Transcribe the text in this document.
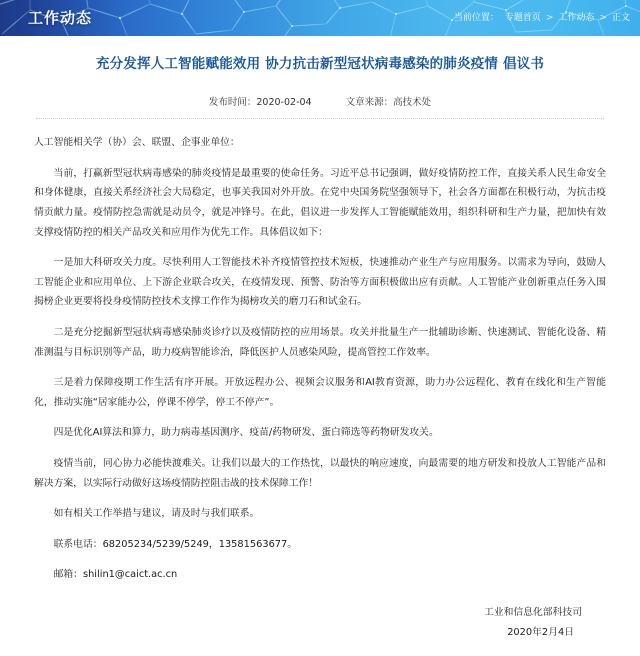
工作动态	当前位置： 专题首页 > 工作动态 > 正文
充分发挥人工智能赋能效用 协力抗击新型冠状病毒感染的肺炎疫情 倡议书
发布时间：2020-02-04	文章来源：高技术处

人工智能相关学（协）会、联盟、企事业单位：

当前，打赢新型冠状病毒感染的肺炎疫情是最重要的使命任务。习近平总书记强调，做好疫情防控工作，直接关系人民生命安全和身体健康，直接关系经济社会大局稳定，也事关我国对外开放。在党中央国务院坚强领导下，社会各方面都在积极行动，为抗击疫情贡献力量。疫情防控急需就是动员令，就是冲锋号。在此，倡议进一步发挥人工智能赋能效用，组织科研和生产力量，把加快有效支撑疫情防控的相关产品攻关和应用作为优先工作。具体倡议如下：

一是加大科研攻关力度。尽快利用人工智能技术补齐疫情管控技术短板，快速推动产业生产与应用服务。以需求为导向，鼓励人工智能企业和应用单位、上下游企业联合攻关，在疫情发现、预警、防治等方面积极做出应有贡献。人工智能产业创新重点任务入围揭榜企业更要将投身疫情防控技术支撑工作作为揭榜攻关的磨刀石和试金石。

二是充分挖掘新型冠状病毒感染肺炎诊疗以及疫情防控的应用场景。攻关并批量生产一批辅助诊断、快速测试、智能化设备、精准测温与目标识别等产品，助力疫病智能诊治，降低医护人员感染风险，提高管控工作效率。

三是着力保障疫期工作生活有序开展。开放远程办公、视频会议服务和AI教育资源，助力办公远程化、教育在线化和生产智能化，推动实施“居家能办公，停课不停学，停工不停产”。

四是优化AI算法和算力，助力病毒基因测序、疫苗/药物研发、蛋白筛选等药物研发攻关。

疫情当前，同心协力必能快渡难关。让我们以最大的工作热忱，以最快的响应速度，向最需要的地方研发和投放人工智能产品和解决方案，以实际行动做好这场疫情防控阻击战的技术保障工作！

如有相关工作举措与建议，请及时与我们联系。

联系电话：68205234/5239/5249，13581563677。

邮箱：shilin1@caict.ac.cn

工业和信息化部科技司
2020年2月4日
